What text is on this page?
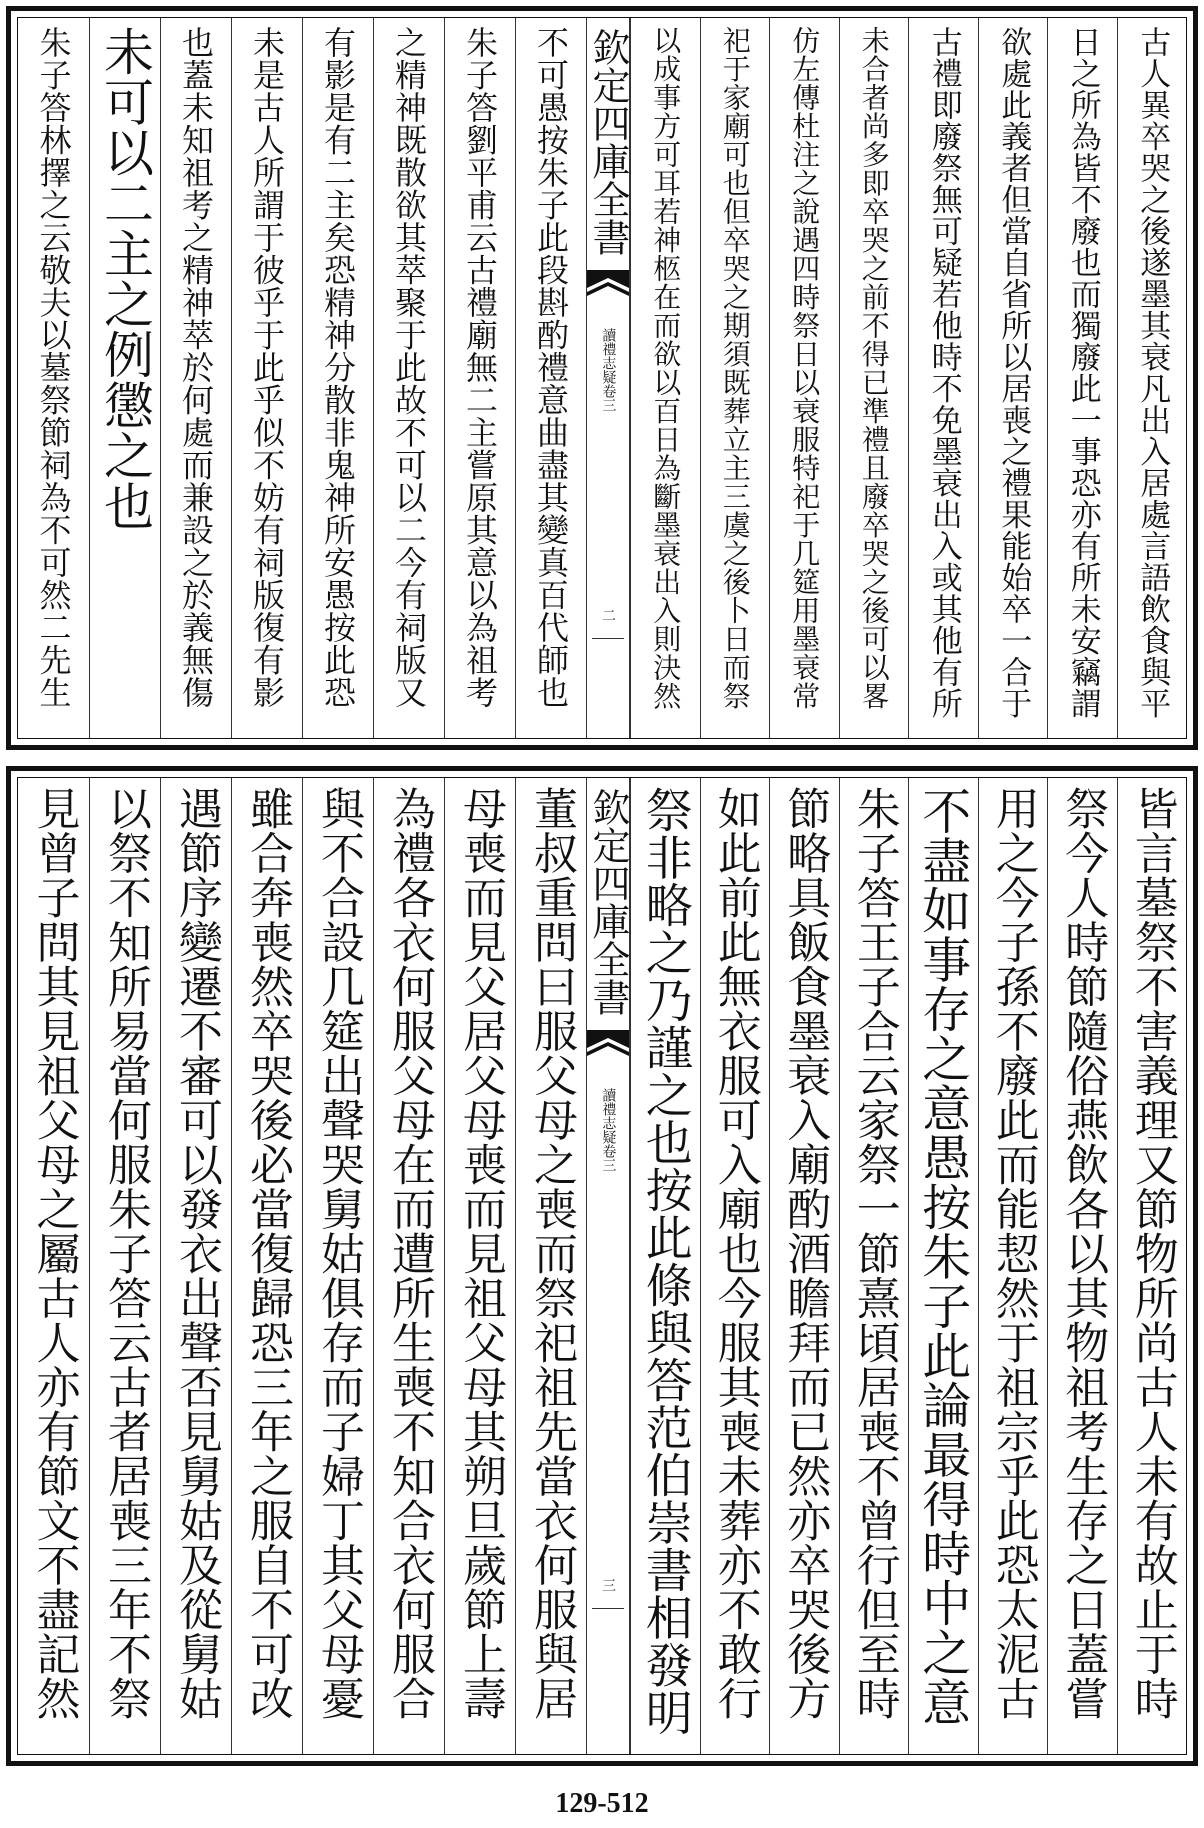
古人異卒哭之後遂墨其衰凡出入居處言語飲食與平
日之所為皆不廢也而獨廢此一事恐亦有所未安竊謂
欲處此義者但當自省所以居喪之禮果能始卒一合于
古禮即廢祭無可疑若他時不免墨衰出入或其他有所
未合者尚多即卒哭之前不得已準禮且廢卒哭之後可以畧
仿左傳杜注之說遇四時祭日以衰服特祀于几筵用墨衰常
祀于家廟可也但卒哭之期須既葬立主三虞之後卜日而祭
以成事方可耳若神柩在而欲以百日為斷墨衰出入則決然
不可愚按朱子此段斟酌禮意曲盡其變真百代師也
朱子答劉平甫云古禮廟無二主嘗原其意以為祖考
之精神既散欲其萃聚于此故不可以二今有祠版又
有影是有二主矣恐精神分散非鬼神所安愚按此恐
未是古人所謂于彼乎于此乎似不妨有祠版復有影
也蓋未知祖考之精神萃於何處而兼設之於義無傷
未可以二主之例懲之也
朱子答林擇之云敬夫以墓祭節祠為不可然二先生	欽定四庫全書
讀禮志疑卷三
二
皆言墓祭不害義理又節物所尚古人未有故止于時
祭今人時節隨俗燕飲各以其物祖考生存之日蓋嘗
用之今子孫不廢此而能恝然于祖宗乎此恐太泥古
不盡如事存之意愚按朱子此論最得時中之意
朱子答王子合云家祭一節熹頃居喪不曾行但至時
節略具飯食墨衰入廟酌酒瞻拜而已然亦卒哭後方
如此前此無衣服可入廟也今服其喪未葬亦不敢行
祭非略之乃謹之也按此條與答范伯崇書相發明
董叔重問曰服父母之喪而祭祀祖先當衣何服與居
母喪而見父居父母喪而見祖父母其朔旦歲節上壽
為禮各衣何服父母在而遭所生喪不知合衣何服合
與不合設几筵出聲哭舅姑俱存而子婦丁其父母憂
雖合奔喪然卒哭後必當復歸恐三年之服自不可改
遇節序變遷不審可以發衣出聲否見舅姑及從舅姑
以祭不知所易當何服朱子答云古者居喪三年不祭
見曾子問其見祖父母之屬古人亦有節文不盡記然	欽定四庫全書
讀禮志疑卷三
三
129-512
